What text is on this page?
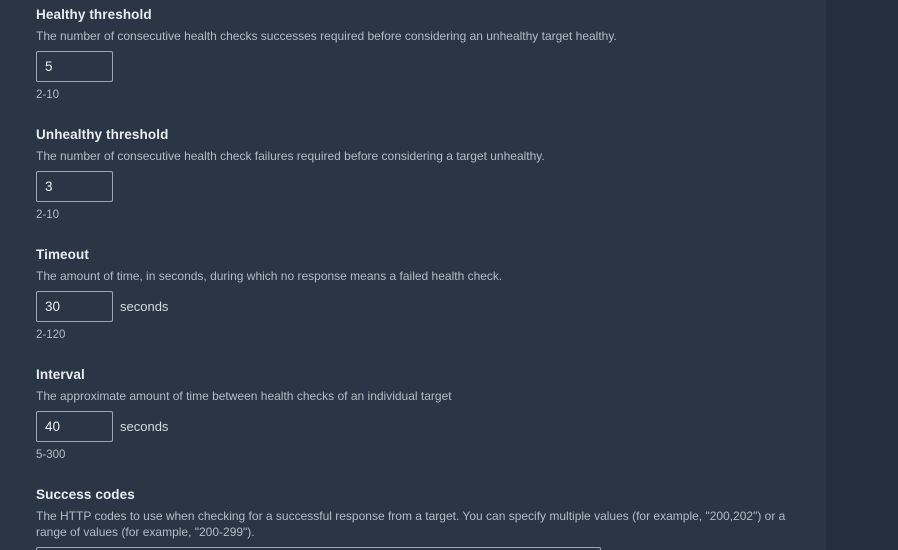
Healthy threshold
The number of consecutive health checks successes required before considering an unhealthy target healthy.
5
2-10
Unhealthy threshold
The number of consecutive health check failures required before considering a target unhealthy.
3
2-10
Timeout
The amount of time, in seconds, during which no response means a failed health check.
30
seconds
2-120
Interval
The approximate amount of time between health checks of an individual target
40
seconds
5-300
Success codes
The HTTP codes to use when checking for a successful response from a target. You can specify multiple values (for example, "200,202") or a range of values (for example, "200-299").
200-399
